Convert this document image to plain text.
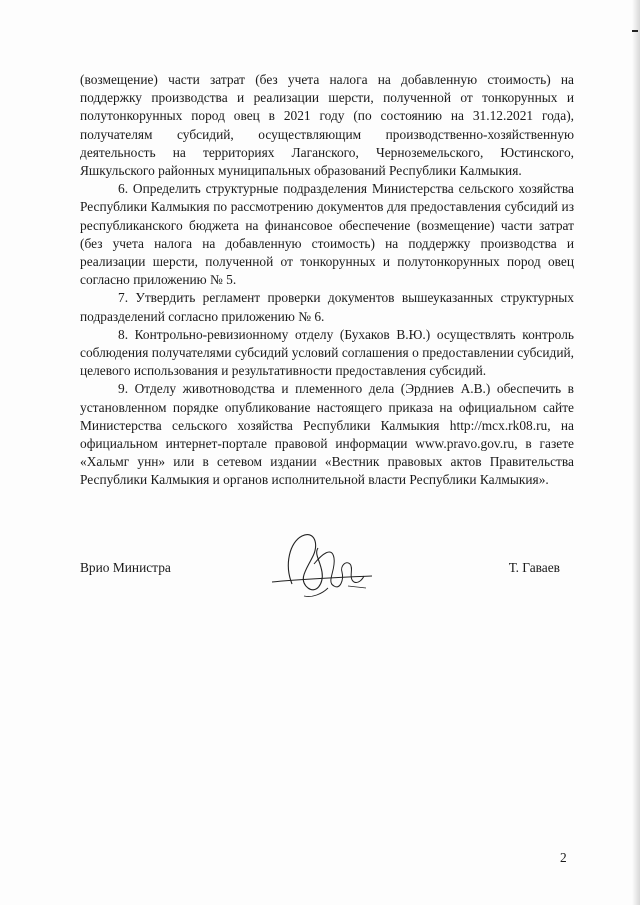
(возмещение) части затрат (без учета налога на добавленную стоимость) на поддержку производства и реализации шерсти, полученной от тонкорунных и полутонкорунных пород овец в 2021 году (по состоянию на 31.12.2021 года), получателям субсидий, осуществляющим производственно-хозяйственную деятельность на территориях Лаганского, Черноземельского, Юстинского, Яшкульского районных муниципальных образований Республики Калмыкия.

6. Определить структурные подразделения Министерства сельского хозяйства Республики Калмыкия по рассмотрению документов для предоставления субсидий из республиканского бюджета на финансовое обеспечение (возмещение) части затрат (без учета налога на добавленную стоимость) на поддержку производства и реализации шерсти, полученной от тонкорунных и полутонкорунных пород овец согласно приложению № 5.

7. Утвердить регламент проверки документов вышеуказанных структурных подразделений согласно приложению № 6.

8. Контрольно-ревизионному отделу (Бухаков В.Ю.) осуществлять контроль соблюдения получателями субсидий условий соглашения о предоставлении субсидий, целевого использования и результативности предоставления субсидий.

9. Отделу животноводства и племенного дела (Эрдниев А.В.) обеспечить в установленном порядке опубликование настоящего приказа на официальном сайте Министерства сельского хозяйства Республики Калмыкия http://mcx.rk08.ru, на официальном интернет-портале правовой информации www.pravo.gov.ru, в газете «Хальмг унн» или в сетевом издании «Вестник правовых актов Правительства Республики Калмыкия и органов исполнительной власти Республики Калмыкия».

Врио Министра	Т. Гаваев
2
